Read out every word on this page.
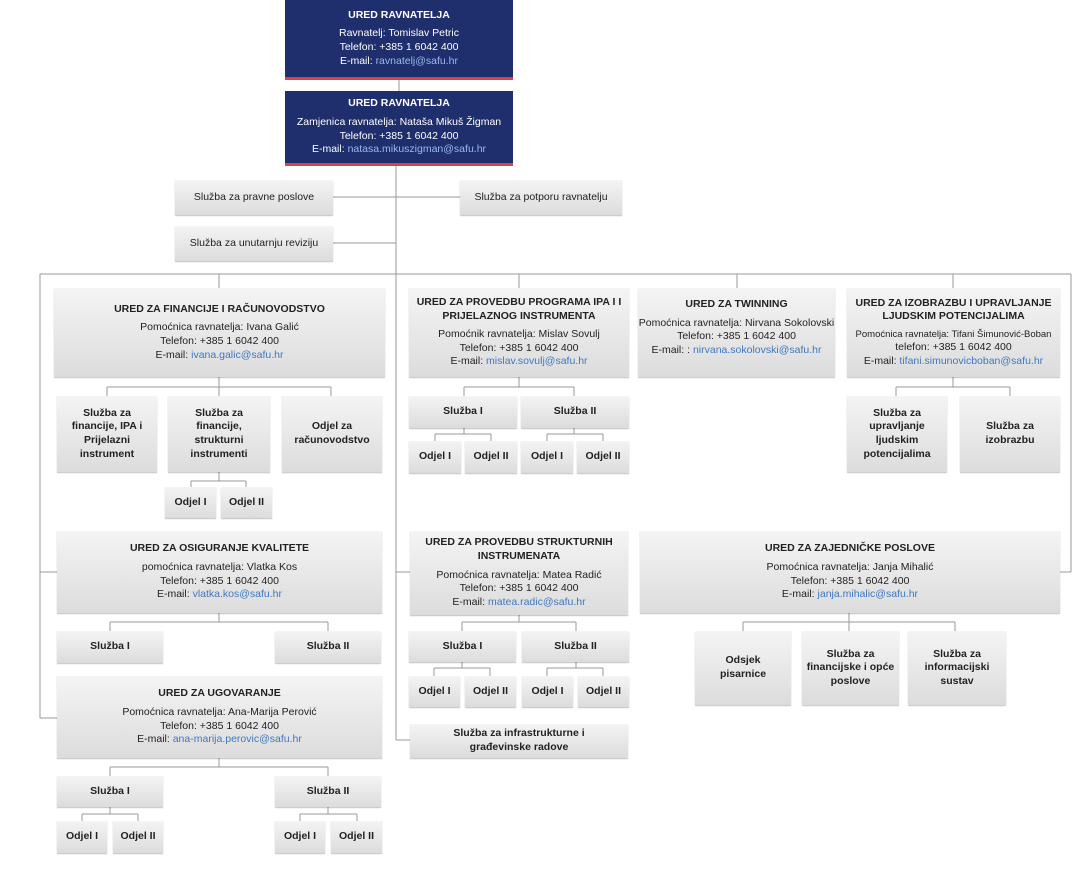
URED RAVNATELJA
Ravnatelj: Tomislav Petric
Telefon: +385 1 6042 400
E-mail: ravnatelj@safu.hr
URED RAVNATELJA
Zamjenica ravnatelja: Nataša Mikuš Žigman
Telefon: +385 1 6042 400
E-mail: natasa.mikuszigman@safu.hr
Služba za pravne poslove	Služba za potporu ravnatelju
Služba za unutarnju reviziju
URED ZA FINANCIJE I RAČUNOVODSTVO
Pomoćnica ravnatelja: Ivana Galić
Telefon: +385 1 6042 400
E-mail: ivana.galic@safu.hr
Služba za financije, IPA i Prijelazni instrument
Služba za financije, strukturni instrumenti
Odjel za računovodstvo
Odjel I Odjel II
URED ZA PROVEDBU PROGRAMA IPA I I PRIJELAZNOG INSTRUMENTA
Pomoćnik ravnatelja: Mislav Sovulj
Telefon: +385 1 6042 400
E-mail: mislav.sovulj@safu.hr
Služba I	Služba II
Odjel I Odjel II Odjel I Odjel II
URED ZA TWINNING
Pomoćnica ravnatelja: Nirvana Sokolovski
Telefon: +385 1 6042 400
E-mail: : nirvana.sokolovski@safu.hr
URED ZA IZOBRAZBU I UPRAVLJANJE LJUDSKIM POTENCIJALIMA
Pomoćnica ravnatelja: Tifani Šimunović-Boban
telefon: +385 1 6042 400
E-mail: tifani.simunovicboban@safu.hr
Služba za upravljanje ljudskim potencijalima
Služba za izobrazbu
URED ZA OSIGURANJE KVALITETE
pomoćnica ravnatelja: Vlatka Kos
Telefon: +385 1 6042 400
E-mail: vlatka.kos@safu.hr
Služba I	Služba II
URED ZA PROVEDBU STRUKTURNIH INSTRUMENATA
Pomoćnica ravnatelja: Matea Radić
Telefon: +385 1 6042 400
E-mail: matea.radic@safu.hr
Služba I	Služba II
Odjel I Odjel II Odjel I Odjel II
Služba za infrastrukturne i građevinske radove
URED ZA ZAJEDNIČKE POSLOVE
Pomoćnica ravnatelja: Janja Mihalić
Telefon: +385 1 6042 400
E-mail: janja.mihalic@safu.hr
Odsjek pisarnice
Služba za financijske i opće poslove
Služba za informacijski sustav
URED ZA UGOVARANJE
Pomoćnica ravnatelja: Ana-Marija Perović
Telefon: +385 1 6042 400
E-mail: ana-marija.perovic@safu.hr
Služba I	Služba II
Odjel I Odjel II	Odjel I Odjel II
